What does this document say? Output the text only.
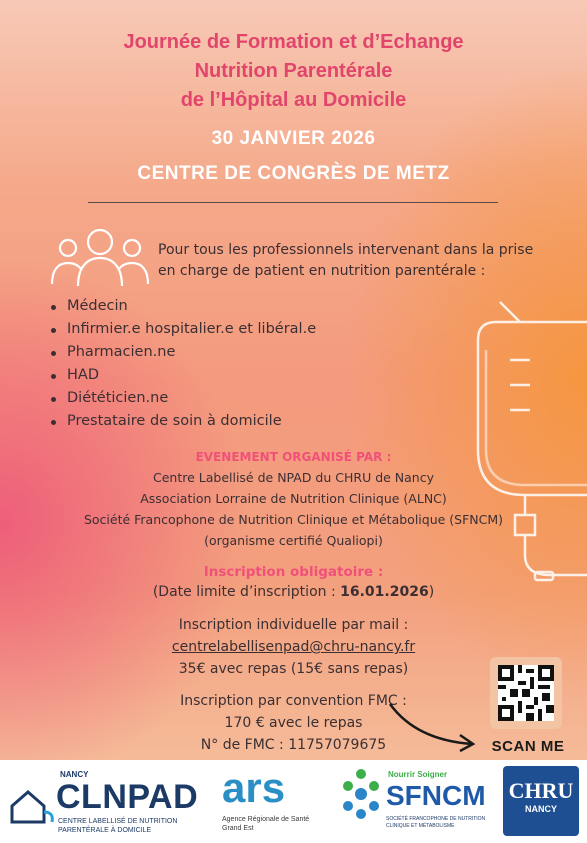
Journée de Formation et d’Echange
Nutrition Parentérale
de l’Hôpital au Domicile
30 JANVIER 2026
CENTRE DE CONGRÈS DE METZ
Pour tous les professionnels intervenant dans la prise
en charge de patient en nutrition parentérale :
Médecin
Infirmier.e hospitalier.e et libéral.e
Pharmacien.ne
HAD
Diététicien.ne
Prestataire de soin à domicile
EVENEMENT ORGANISÉ PAR :
Centre Labellisé de NPAD du CHRU de Nancy
Association Lorraine de Nutrition Clinique (ALNC)
Société Francophone de Nutrition Clinique et Métabolique (SFNCM)
(organisme certifié Qualiopi)
Inscription obligatoire :
(Date limite d’inscription : 16.01.2026)
Inscription individuelle par mail :
centrelabellisenpad@chru-nancy.fr
35€ avec repas (15€ sans repas)
Inscription par convention FMC :
170 € avec le repas
N° de FMC : 11757079675	SCAN ME
NANCY
CLNPAD
CENTRE LABELLISÉ DE NUTRITION
PARENTÉRALE À DOMICILE
ars
Agence Régionale de Santé
Grand Est
Nourrir Soigner
SFNCM
SOCIÉTÉ FRANCOPHONE DE NUTRITION CLINIQUE ET MÉTABOLISME
CHRU
NANCY
